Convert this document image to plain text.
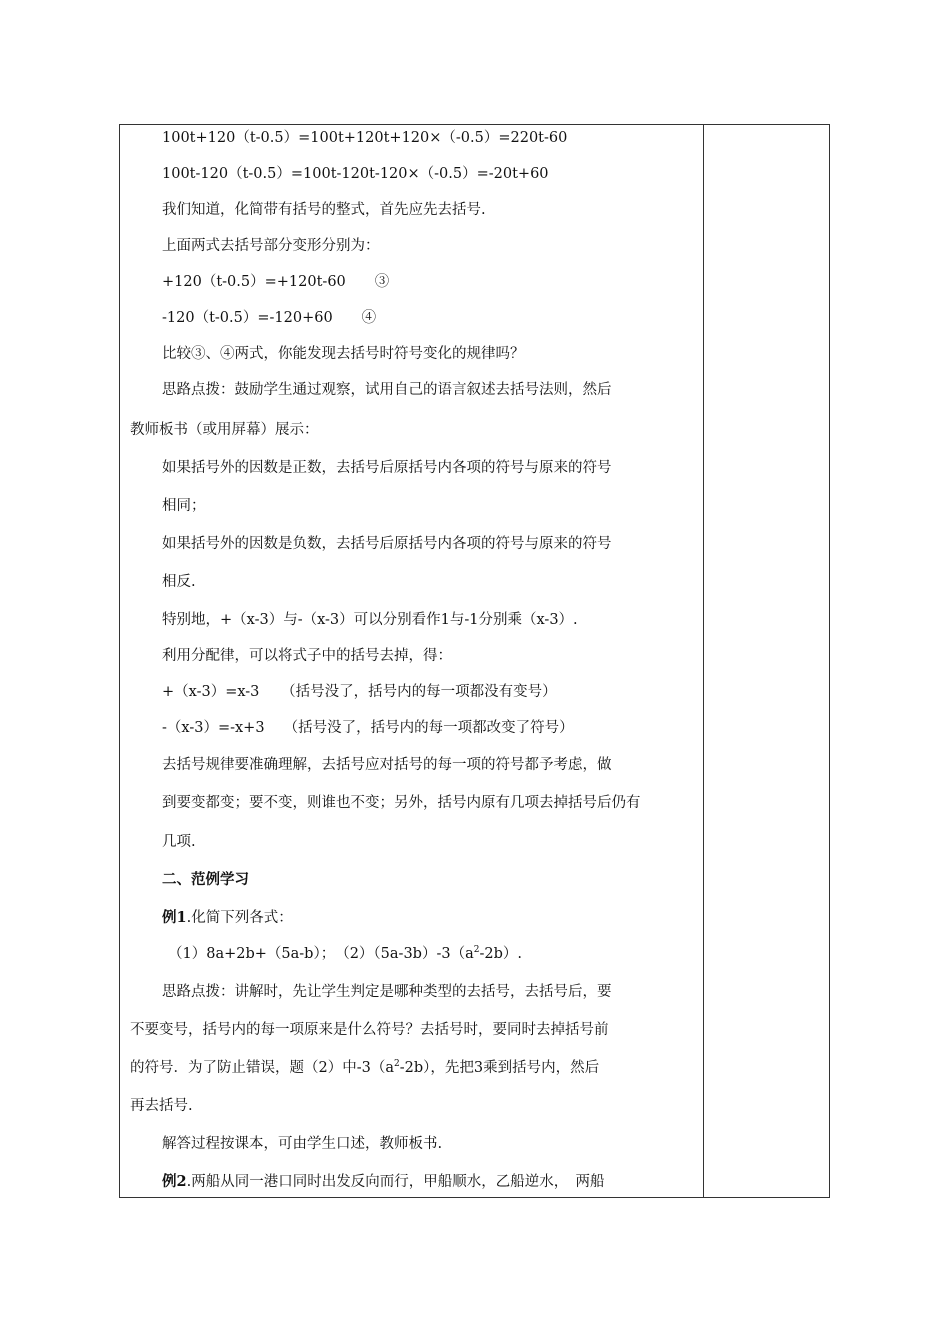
100t+120（t-0.5）=100t+120t+120×（-0.5）=220t-60
100t-120（t-0.5）=100t-120t-120×（-0.5）=-20t+60
我们知道，化简带有括号的整式，首先应先去括号.
上面两式去括号部分变形分别为：
+120（t-0.5）=+120t-60　　③
-120（t-0.5）=-120+60　　④
比较③、④两式，你能发现去括号时符号变化的规律吗？
思路点拨：鼓励学生通过观察，试用自己的语言叙述去括号法则，然后
教师板书（或用屏幕）展示：
如果括号外的因数是正数，去括号后原括号内各项的符号与原来的符号
相同；
如果括号外的因数是负数，去括号后原括号内各项的符号与原来的符号
相反.
特别地，+（x-3）与-（x-3）可以分别看作1与-1分别乘（x-3）.
利用分配律，可以将式子中的括号去掉，得：
+（x-3）=x-3　　（括号没了，括号内的每一项都没有变号）
-（x-3）=-x+3　 （括号没了，括号内的每一项都改变了符号）
去括号规律要准确理解，去括号应对括号的每一项的符号都予考虑，做
到要变都变；要不变，则谁也不变；另外，括号内原有几项去掉括号后仍有
几项.
二、范例学习
例1.化简下列各式：
（1）8a+2b+（5a-b）；　$(2)(5a-3b)-3(a^2-2b)$.
思路点拨：讲解时，先让学生判定是哪种类型的去括号，去括号后，要
不要变号，括号内的每一项原来是什么符号？去括号时，要同时去掉括号前
的符号．为了防止错误，题（2）中$-3(a^2-2b)$，先把3乘到括号内，然后
再去括号.
解答过程按课本，可由学生口述，教师板书.
例2.两船从同一港口同时出发反向而行，甲船顺水，乙船逆水，　两船
